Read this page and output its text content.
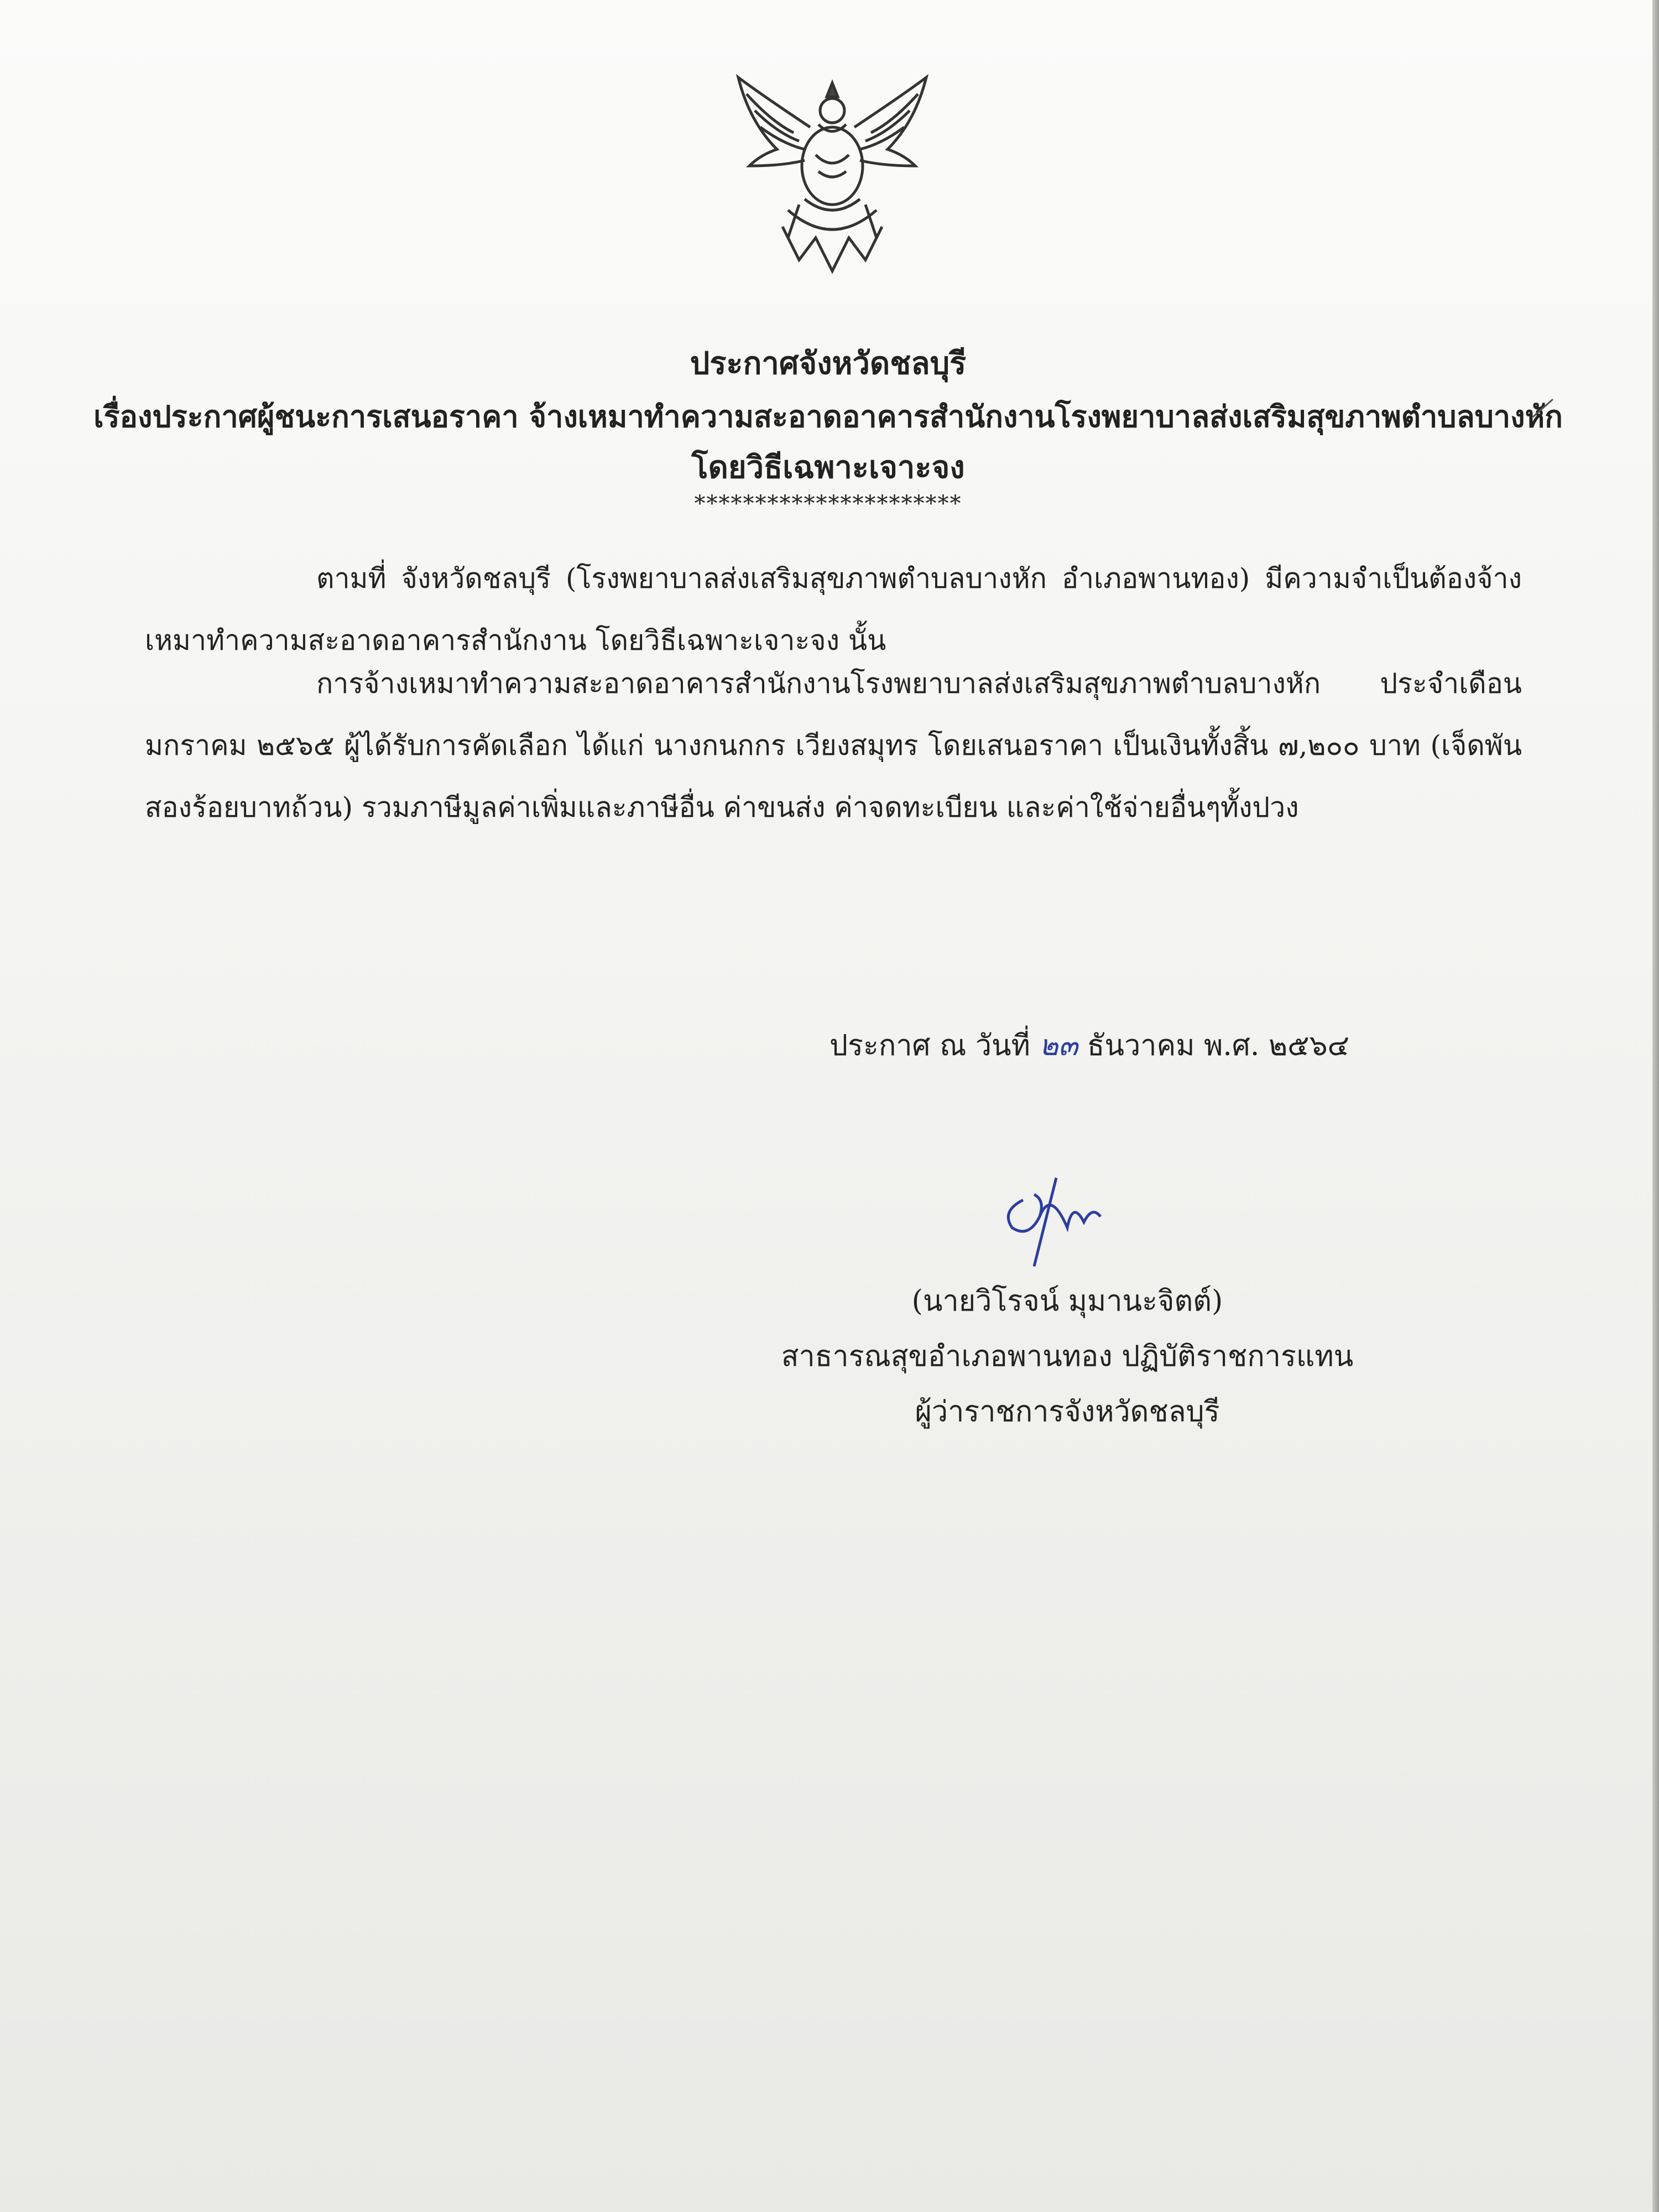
ประกาศจังหวัดชลบุรี
เรื่องประกาศผู้ชนะการเสนอราคา จ้างเหมาทำความสะอาดอาคารสำนักงานโรงพยาบาลส่งเสริมสุขภาพตำบลบางหัก
โดยวิธีเฉพาะเจาะจง
**********************
ตามที่ จังหวัดชลบุรี (โรงพยาบาลส่งเสริมสุขภาพตำบลบางหัก อำเภอพานทอง) มีความจำเป็นต้องจ้างเหมาทำความสะอาดอาคารสำนักงาน โดยวิธีเฉพาะเจาะจง นั้น
การจ้างเหมาทำความสะอาดอาคารสำนักงานโรงพยาบาลส่งเสริมสุขภาพตำบลบางหัก ประจำเดือนมกราคม ๒๕๖๕ ผู้ได้รับการคัดเลือก ได้แก่ นางกนกกร เวียงสมุทร โดยเสนอราคา เป็นเงินทั้งสิ้น ๗,๒๐๐ บาท (เจ็ดพันสองร้อยบาทถ้วน) รวมภาษีมูลค่าเพิ่มและภาษีอื่น ค่าขนส่ง ค่าจดทะเบียน และค่าใช้จ่ายอื่นๆทั้งปวง
ประกาศ ณ วันที่ ๒๓ ธันวาคม พ.ศ. ๒๕๖๔
(นายวิโรจน์ มุมานะจิตต์)
สาธารณสุขอำเภอพานทอง ปฏิบัติราชการแทน
ผู้ว่าราชการจังหวัดชลบุรี
